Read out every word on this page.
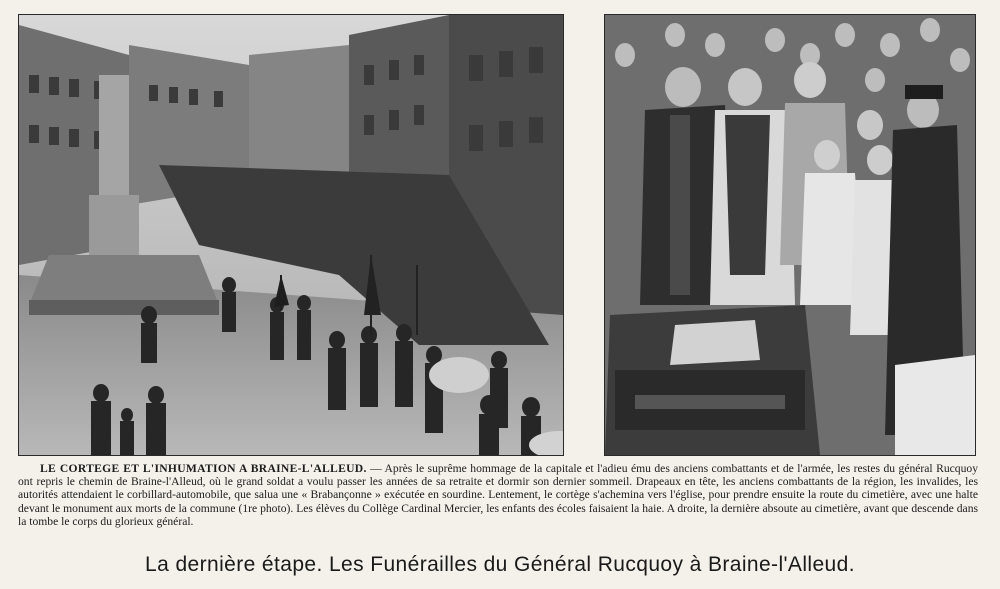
LE CORTEGE ET L'INHUMATION A BRAINE-L'ALLEUD. — Après le suprême hommage de la capitale et l'adieu ému des anciens combattants et de l'armée, les restes du général Rucquoy ont repris le chemin de Braine-l'Alleud, où le grand soldat a voulu passer les années de sa retraite et dormir son dernier sommeil. Drapeaux en tête, les anciens combattants de la région, les invalides, les autorités attendaient le corbillard-automobile, que salua une « Brabançonne » exécutée en sourdine. Lentement, le cortège s'achemina vers l'église, pour prendre ensuite la route du cimetière, avec une halte devant le monument aux morts de la commune (1re photo). Les élèves du Collège Cardinal Mercier, les enfants des écoles faisaient la haie. A droite, la dernière absoute au cimetière, avant que descende dans la tombe le corps du glorieux général.
La dernière étape. Les Funérailles du Général Rucquoy à Braine-l'Alleud.
